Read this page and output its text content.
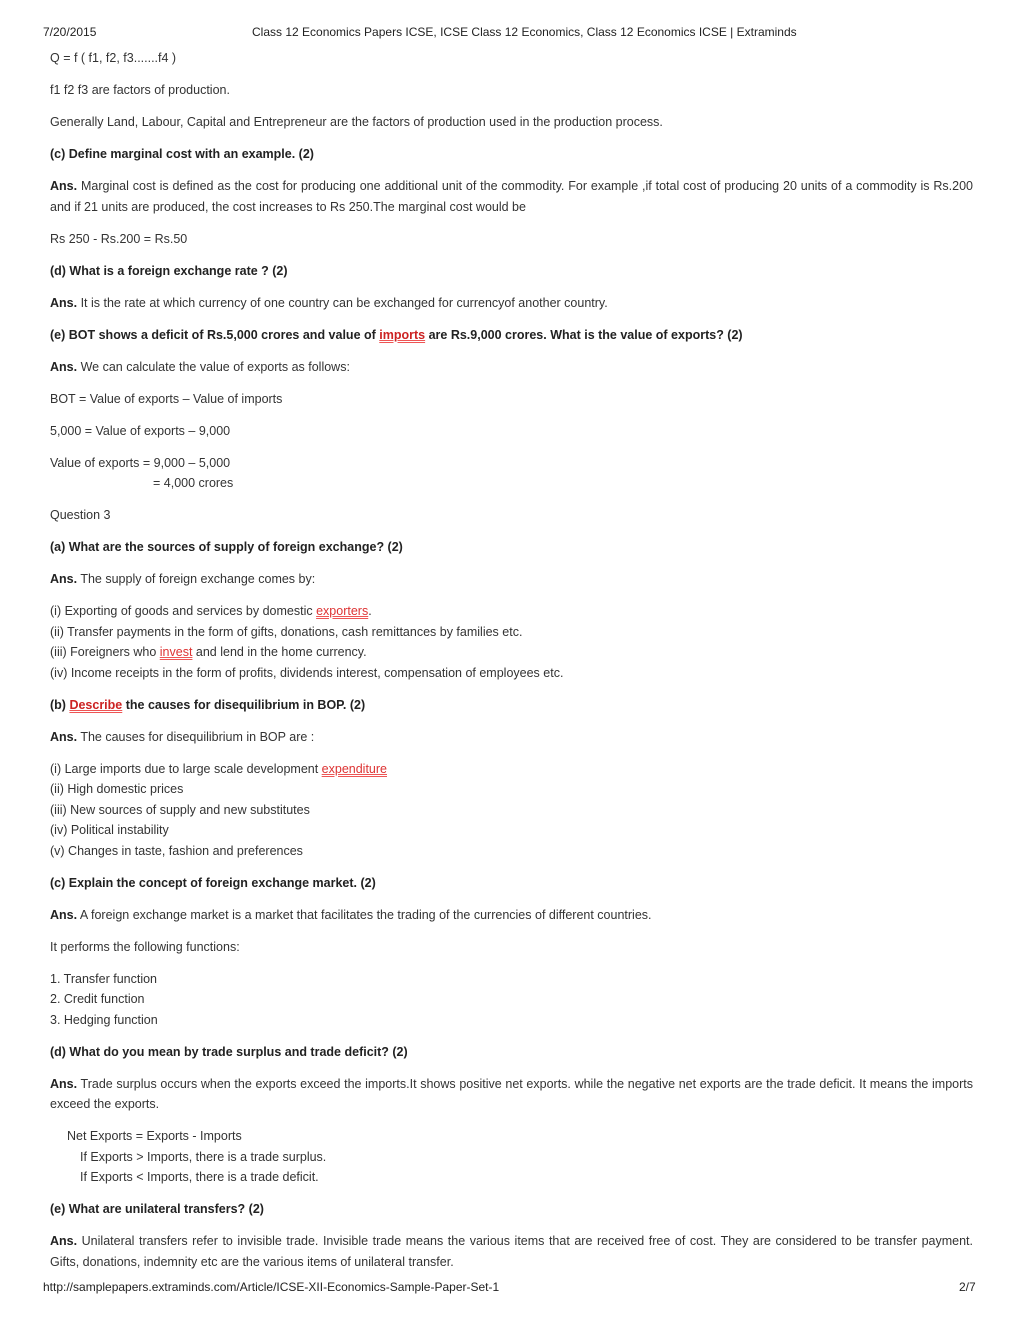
7/20/2015	Class 12 Economics Papers ICSE, ICSE Class 12 Economics, Class 12 Economics ICSE | Extraminds

Q = f ( f1, f2, f3.......f4 )

f1 f2 f3 are factors of production.

Generally Land, Labour, Capital and Entrepreneur are the factors of production used in the production process.

(c) Define marginal cost with an example. (2)

Ans. Marginal cost is defined as the cost for producing one additional unit of the commodity. For example ,if total cost of producing 20 units of a commodity is Rs.200 and if 21 units are produced, the cost increases to Rs 250.The marginal cost would be

Rs 250 - Rs.200 = Rs.50

(d) What is a foreign exchange rate ? (2)

Ans. It is the rate at which currency of one country can be exchanged for currencyof another country.

(e) BOT shows a deficit of Rs.5,000 crores and value of imports are Rs.9,000 crores. What is the value of exports? (2)

Ans. We can calculate the value of exports as follows:

BOT = Value of exports – Value of imports

5,000 = Value of exports – 9,000

Value of exports = 9,000 – 5,000
= 4,000 crores

Question 3

(a) What are the sources of supply of foreign exchange? (2)

Ans. The supply of foreign exchange comes by:

(i) Exporting of goods and services by domestic exporters.
(ii) Transfer payments in the form of gifts, donations, cash remittances by families etc.
(iii) Foreigners who invest and lend in the home currency.
(iv) Income receipts in the form of profits, dividends interest, compensation of employees etc.

(b) Describe the causes for disequilibrium in BOP. (2)

Ans. The causes for disequilibrium in BOP are :

(i) Large imports due to large scale development expenditure
(ii) High domestic prices
(iii) New sources of supply and new substitutes
(iv) Political instability
(v) Changes in taste, fashion and preferences

(c) Explain the concept of foreign exchange market. (2)

Ans. A foreign exchange market is a market that facilitates the trading of the currencies of different countries.

It performs the following functions:

1. Transfer function
2. Credit function
3. Hedging function

(d) What do you mean by trade surplus and trade deficit? (2)

Ans. Trade surplus occurs when the exports exceed the imports.It shows positive net exports. while the negative net exports are the trade deficit. It means the imports exceed the exports.

Net Exports = Exports - Imports
If Exports > Imports, there is a trade surplus.
If Exports < Imports, there is a trade deficit.

(e) What are unilateral transfers? (2)

Ans. Unilateral transfers refer to invisible trade. Invisible trade means the various items that are received free of cost. They are considered to be transfer payment. Gifts, donations, indemnity etc are the various items of unilateral transfer.

http://samplepapers.extraminds.com/Article/ICSE-XII-Economics-Sample-Paper-Set-1	2/7
